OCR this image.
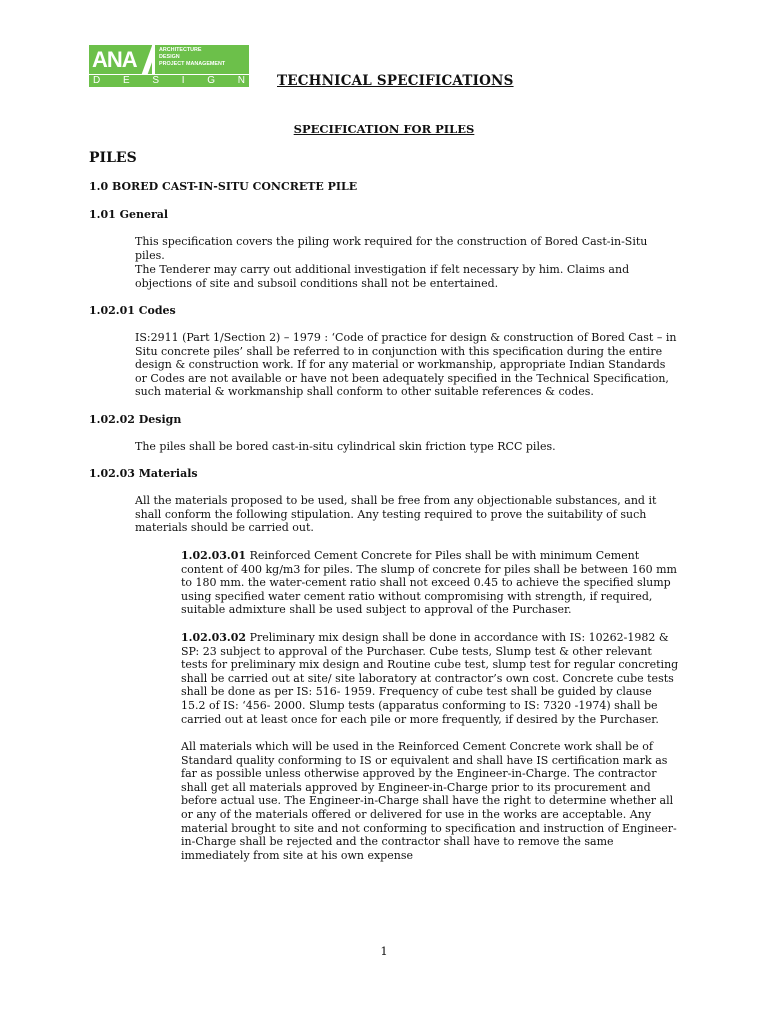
ANA	ARCHITECTURE
DESIGN
PROJECT MANAGEMENT
D E S I G N TECHNICAL SPECIFICATIONS
SPECIFICATION FOR PILES
PILES
1.0 BORED CAST-IN-SITU CONCRETE PILE
1.01 General
This specification covers the piling work required for the construction of Bored Cast-in-Situ piles.
The Tenderer may carry out additional investigation if felt necessary by him. Claims and objections of site and subsoil conditions shall not be entertained.
1.02.01 Codes
IS:2911 (Part 1/Section 2) – 1979 : ‘Code of practice for design & construction of Bored Cast – in Situ concrete piles’ shall be referred to in conjunction with this specification during the entire design & construction work. If for any material or workmanship, appropriate Indian Standards or Codes are not available or have not been adequately specified in the Technical Specification, such material & workmanship shall conform to other suitable references & codes.
1.02.02 Design
The piles shall be bored cast-in-situ cylindrical skin friction type RCC piles.
1.02.03 Materials
All the materials proposed to be used, shall be free from any objectionable substances, and it shall conform the following stipulation. Any testing required to prove the suitability of such materials should be carried out.
1.02.03.01 Reinforced Cement Concrete for Piles shall be with minimum Cement content of 400 kg/m3 for piles. The slump of concrete for piles shall be between 160 mm to 180 mm. the water-cement ratio shall not exceed 0.45 to achieve the specified slump using specified water cement ratio without compromising with strength, if required, suitable admixture shall be used subject to approval of the Purchaser.
1.02.03.02 Preliminary mix design shall be done in accordance with IS: 10262-1982 & SP: 23 subject to approval of the Purchaser. Cube tests, Slump test & other relevant tests for preliminary mix design and Routine cube test, slump test for regular concreting shall be carried out at site/ site laboratory at contractor’s own cost. Concrete cube tests shall be done as per IS: 516- 1959. Frequency of cube test shall be guided by clause 15.2 of IS: ‘456- 2000. Slump tests (apparatus conforming to IS: 7320 -1974) shall be carried out at least once for each pile or more frequently, if desired by the Purchaser.
All materials which will be used in the Reinforced Cement Concrete work shall be of Standard quality conforming to IS or equivalent and shall have IS certification mark as far as possible unless otherwise approved by the Engineer-in-Charge. The contractor shall get all materials approved by Engineer-in-Charge prior to its procurement and before actual use. The Engineer-in-Charge shall have the right to determine whether all or any of the materials offered or delivered for use in the works are acceptable. Any material brought to site and not conforming to specification and instruction of Engineer-in-Charge shall be rejected and the contractor shall have to remove the same immediately from site at his own expense
1
